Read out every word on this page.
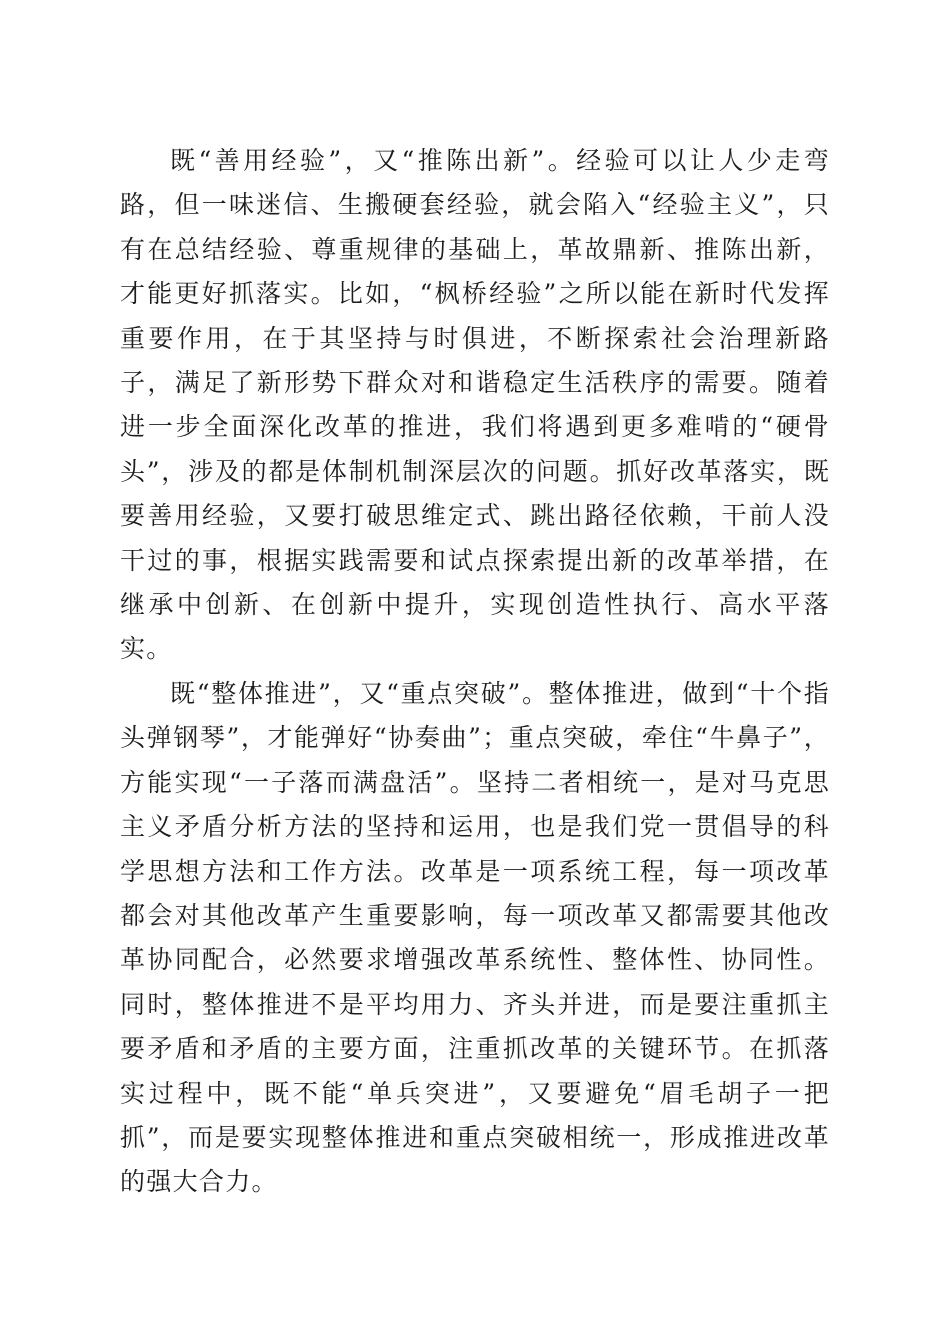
既“善用经验”，又“推陈出新”。经验可以让人少走弯路，但一味迷信、生搬硬套经验，就会陷入“经验主义”，只有在总结经验、尊重规律的基础上，革故鼎新、推陈出新，才能更好抓落实。比如，“枫桥经验”之所以能在新时代发挥重要作用，在于其坚持与时俱进，不断探索社会治理新路子，满足了新形势下群众对和谐稳定生活秩序的需要。随着进一步全面深化改革的推进，我们将遇到更多难啃的“硬骨头”，涉及的都是体制机制深层次的问题。抓好改革落实，既要善用经验，又要打破思维定式、跳出路径依赖，干前人没干过的事，根据实践需要和试点探索提出新的改革举措，在继承中创新、在创新中提升，实现创造性执行、高水平落实。

既“整体推进”，又“重点突破”。整体推进，做到“十个指头弹钢琴”，才能弹好“协奏曲”；重点突破，牵住“牛鼻子”，方能实现“一子落而满盘活”。坚持二者相统一，是对马克思主义矛盾分析方法的坚持和运用，也是我们党一贯倡导的科学思想方法和工作方法。改革是一项系统工程，每一项改革都会对其他改革产生重要影响，每一项改革又都需要其他改革协同配合，必然要求增强改革系统性、整体性、协同性。同时，整体推进不是平均用力、齐头并进，而是要注重抓主要矛盾和矛盾的主要方面，注重抓改革的关键环节。在抓落实过程中，既不能“单兵突进”，又要避免“眉毛胡子一把抓”，而是要实现整体推进和重点突破相统一，形成推进改革的强大合力。
